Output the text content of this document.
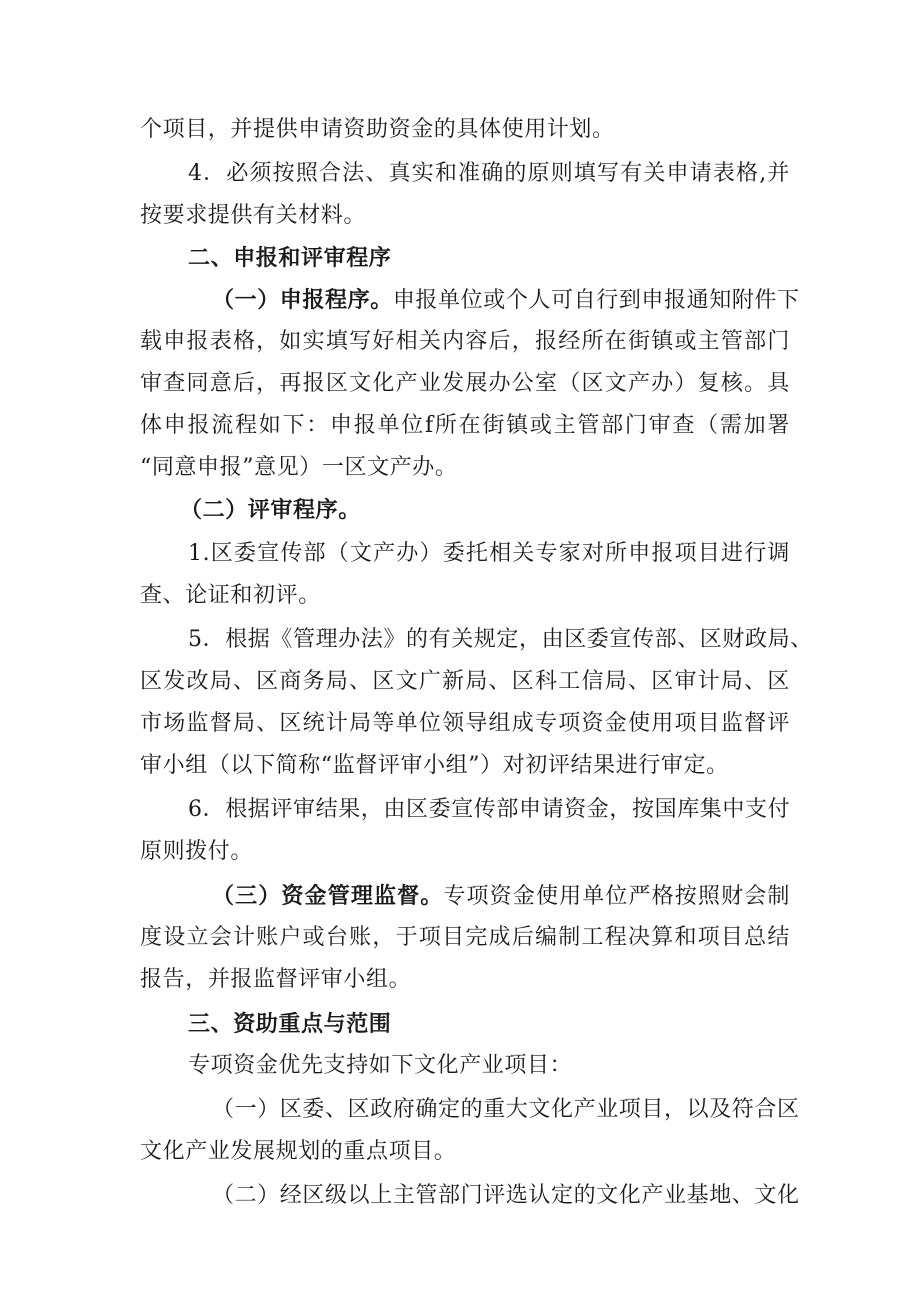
个项目，并提供申请资助资金的具体使用计划。
4．必须按照合法、真实和准确的原则填写有关申请表格,并
按要求提供有关材料。
二、申报和评审程序
（一）申报程序。申报单位或个人可自行到申报通知附件下
载申报表格，如实填写好相关内容后，报经所在街镇或主管部门
审查同意后，再报区文化产业发展办公室（区文产办）复核。具
体申报流程如下：申报单位f所在街镇或主管部门审查（需加署
“同意申报”意见）一区文产办。
（二）评审程序。
1.区委宣传部（文产办）委托相关专家对所申报项目进行调
查、论证和初评。
5．根据《管理办法》的有关规定，由区委宣传部、区财政局、
区发改局、区商务局、区文广新局、区科工信局、区审计局、区
市场监督局、区统计局等单位领导组成专项资金使用项目监督评
审小组（以下简称“监督评审小组”）对初评结果进行审定。
6．根据评审结果，由区委宣传部申请资金，按国库集中支付
原则拨付。
（三）资金管理监督。专项资金使用单位严格按照财会制
度设立会计账户或台账，于项目完成后编制工程决算和项目总结
报告，并报监督评审小组。
三、资助重点与范围
专项资金优先支持如下文化产业项目：
（一）区委、区政府确定的重大文化产业项目，以及符合区
文化产业发展规划的重点项目。
（二）经区级以上主管部门评选认定的文化产业基地、文化
